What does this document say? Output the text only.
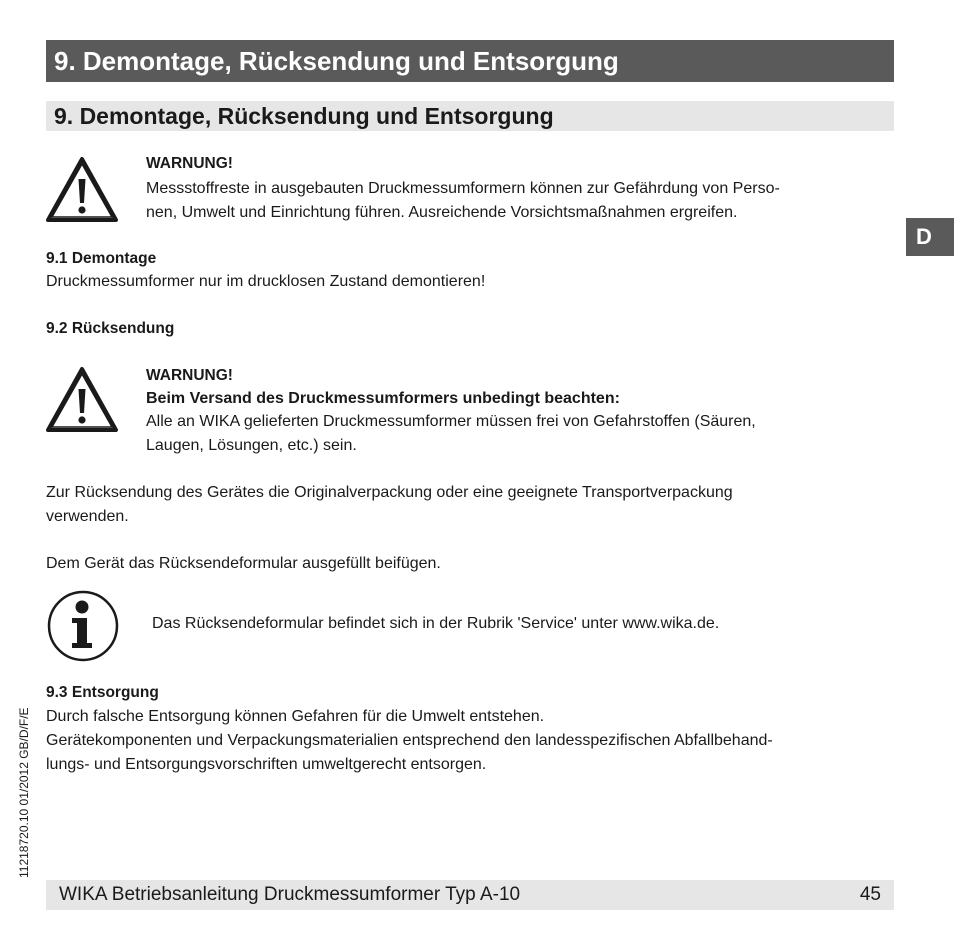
9. Demontage, Rücksendung und Entsorgung
9. Demontage, Rücksendung und Entsorgung
D
WARNUNG!
Messstoffreste in ausgebauten Druckmessumformern können zur Gefährdung von Perso-
nen, Umwelt und Einrichtung führen. Ausreichende Vorsichtsmaßnahmen ergreifen.
9.1 Demontage
Druckmessumformer nur im drucklosen Zustand demontieren!
9.2 Rücksendung
WARNUNG!
Beim Versand des Druckmessumformers unbedingt beachten:
Alle an WIKA gelieferten Druckmessumformer müssen frei von Gefahrstoffen (Säuren,
Laugen, Lösungen, etc.) sein.
Zur Rücksendung des Gerätes die Originalverpackung oder eine geeignete Transportverpackung
verwenden.
Dem Gerät das Rücksendeformular ausgefüllt beifügen.
Das Rücksendeformular befindet sich in der Rubrik 'Service' unter www.wika.de.
9.3 Entsorgung
Durch falsche Entsorgung können Gefahren für die Umwelt entstehen.
Gerätekomponenten und Verpackungsmaterialien entsprechend den landesspezifischen Abfallbehand-
lungs- und Entsorgungsvorschriften umweltgerecht entsorgen.
11218720.10 01/2012 GB/D/F/E
WIKA Betriebsanleitung Druckmessumformer Typ A-10	45
